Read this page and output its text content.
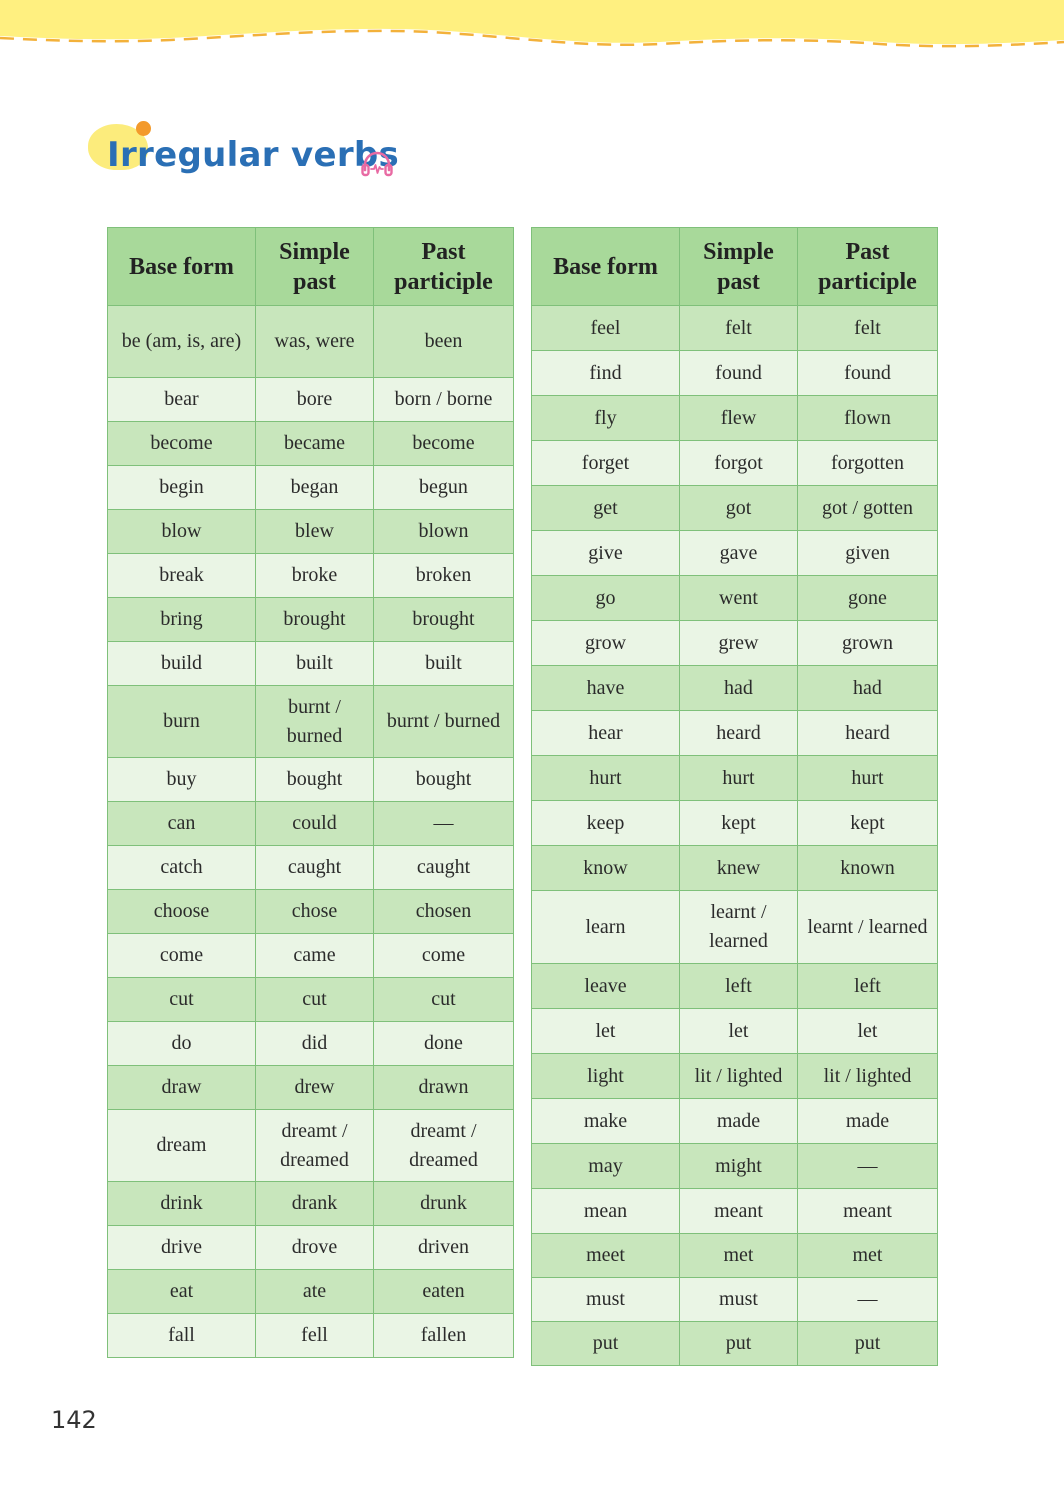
Irregular verbs
Base form	Simple past	Past participle
be (am, is, are)	was, were	been
bear	bore	born / borne
become	became	become
begin	began	begun
blow	blew	blown
break	broke	broken
bring	brought	brought
build	built	built
burn	burnt / burned	burnt / burned
buy	bought	bought
can	could	—
catch	caught	caught
choose	chose	chosen
come	came	come
cut	cut	cut
do	did	done
draw	drew	drawn
dream	dreamt / dreamed	dreamt / dreamed
drink	drank	drunk
drive	drove	driven
eat	ate	eaten
fall	fell	fallen
Base form	Simple past	Past participle
feel	felt	felt
find	found	found
fly	flew	flown
forget	forgot	forgotten
get	got	got / gotten
give	gave	given
go	went	gone
grow	grew	grown
have	had	had
hear	heard	heard
hurt	hurt	hurt
keep	kept	kept
know	knew	known
learn	learnt / learned	learnt / learned
leave	left	left
let	let	let
light	lit / lighted	lit / lighted
make	made	made
may	might	—
mean	meant	meant
meet	met	met
must	must	—
put	put	put
142
